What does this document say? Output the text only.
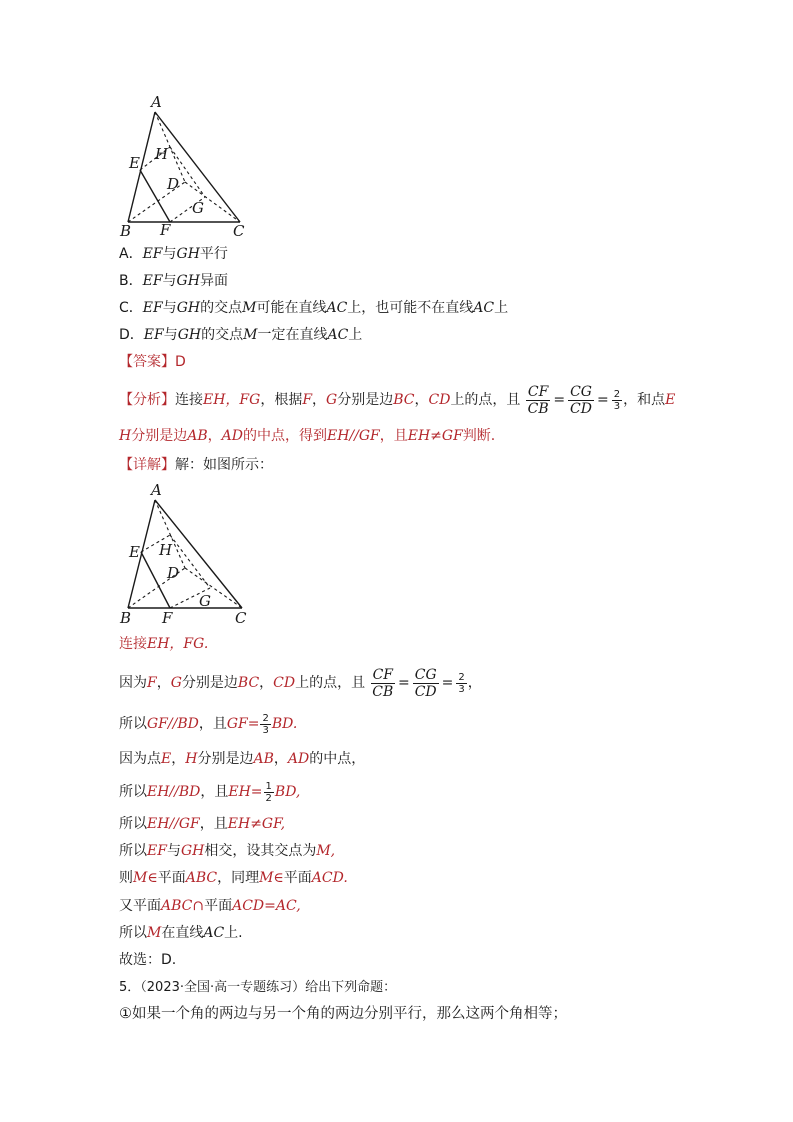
A
E H
D
G
B F	C
A．EF与GH平行
B．EF与GH异面
C．EF与GH的交点M可能在直线AC上，也可能不在直线AC上
D．EF与GH的交点M一定在直线AC上
【答案】D
【分析】连接EH，FG，根据F，G分别是边BC，CD上的点，且 $\frac{CF}{CB} = \frac{CG}{CD} = \frac{2}{3}$ ，和点E
H分别是边AB，AD的中点，得到EH//GF，且EH≠GF判断.
【详解】解：如图所示：
A
E H
D
G
B F	C
连接EH，FG.
因为F，G分别是边BC，CD上的点，且 $\frac{CF}{CB} = \frac{CG}{CD} = \frac{2}{3}$ ，
所以GF//BD，且$GF= \frac{2}{3}$ BD.
因为点E，H分别是边AB，AD的中点，
所以EH//BD，且$EH= \frac{1}{2}$ BD,
所以EH//GF，且EH≠GF,
所以EF与GH相交，设其交点为M,
则M∈平面ABC，同理M∈平面ACD.
又平面ABC∩平面ACD=AC,
所以M在直线AC上.
故选：D.
5．（2023·全国·高一专题练习）给出下列命题：
①如果一个角的两边与另一个角的两边分别平行，那么这两个角相等；
